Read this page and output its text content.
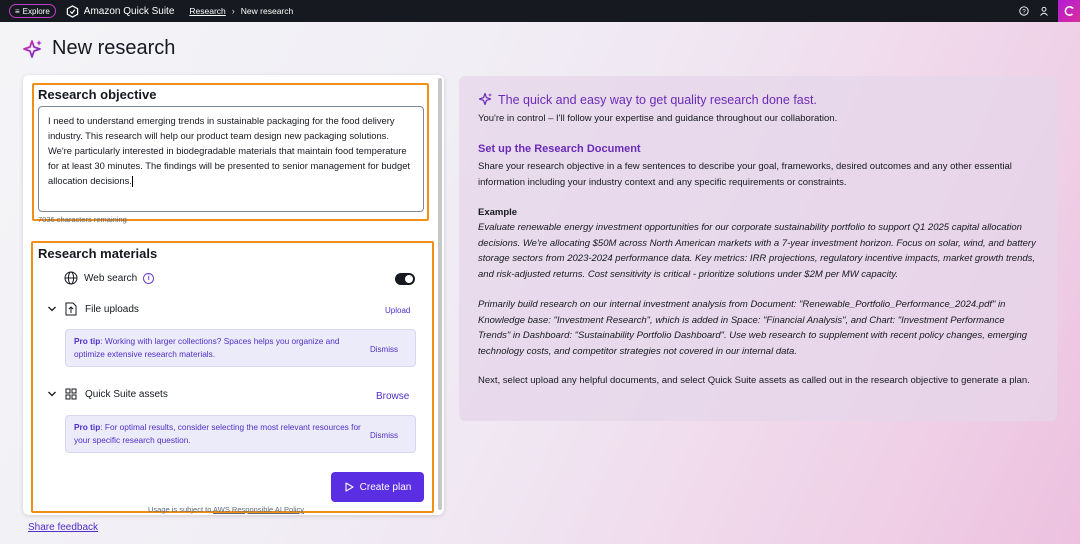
≡ Explore	Amazon Quick Suite Research › New research	?
New research
Research objective
I need to understand emerging trends in sustainable packaging for the food delivery industry. This research will help our product team design new packaging solutions. We're particularly interested in biodegradable materials that maintain food temperature for at least 30 minutes. The findings will be presented to senior management for budget allocation decisions.
7036 characters remaining
Research materials
Web search	i
File uploads	Upload
Pro tip: Working with larger collections? Spaces helps you organize and optimize extensive research materials.	Dismiss
Quick Suite assets	Browse
Pro tip: For optimal results, consider selecting the most relevant resources for your specific research question.	Dismiss
Create plan
Usage is subject to AWS Responsible AI Policy
Share feedback
The quick and easy way to get quality research done fast.
You're in control – I'll follow your expertise and guidance throughout our collaboration.
Set up the Research Document
Share your research objective in a few sentences to describe your goal, frameworks, desired outcomes and any other essential information including your industry context and any specific requirements or constraints.
Example
Evaluate renewable energy investment opportunities for our corporate sustainability portfolio to support Q1 2025 capital allocation decisions. We're allocating $50M across North American markets with a 7-year investment horizon. Focus on solar, wind, and battery storage sectors from 2023-2024 performance data. Key metrics: IRR projections, regulatory incentive impacts, market growth trends, and risk-adjusted returns. Cost sensitivity is critical - prioritize solutions under $2M per MW capacity.
Primarily build research on our internal investment analysis from Document: "Renewable_Portfolio_Performance_2024.pdf" in Knowledge base: "Investment Research", which is added in Space: "Financial Analysis", and Chart: "Investment Performance Trends" in Dashboard: "Sustainability Portfolio Dashboard". Use web research to supplement with recent policy changes, emerging technology costs, and competitor strategies not covered in our internal data.
Next, select upload any helpful documents, and select Quick Suite assets as called out in the research objective to generate a plan.
